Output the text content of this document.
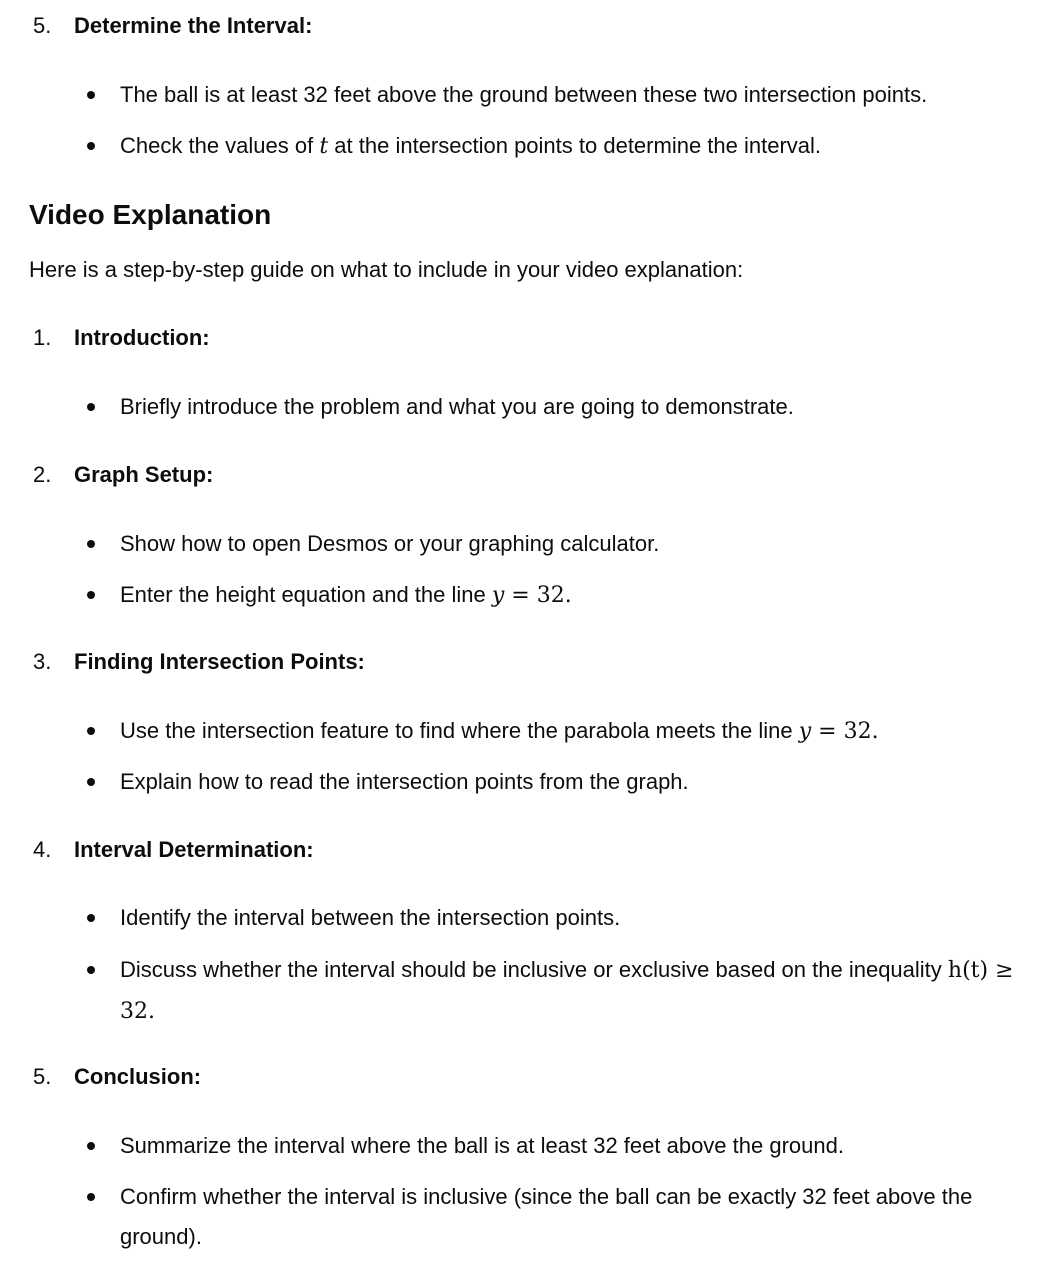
5. Determine the Interval:
The ball is at least 32 feet above the ground between these two intersection points.
Check the values of t at the intersection points to determine the interval.
Video Explanation
Here is a step-by-step guide on what to include in your video explanation:
1. Introduction:
Briefly introduce the problem and what you are going to demonstrate.
2. Graph Setup:
Show how to open Desmos or your graphing calculator.
Enter the height equation and the line y = 32.
3. Finding Intersection Points:
Use the intersection feature to find where the parabola meets the line y = 32.
Explain how to read the intersection points from the graph.
4. Interval Determination:
Identify the interval between the intersection points.
Discuss whether the interval should be inclusive or exclusive based on the inequality h(t) ≥ 32.
5. Conclusion:
Summarize the interval where the ball is at least 32 feet above the ground.
Confirm whether the interval is inclusive (since the ball can be exactly 32 feet above the ground).
